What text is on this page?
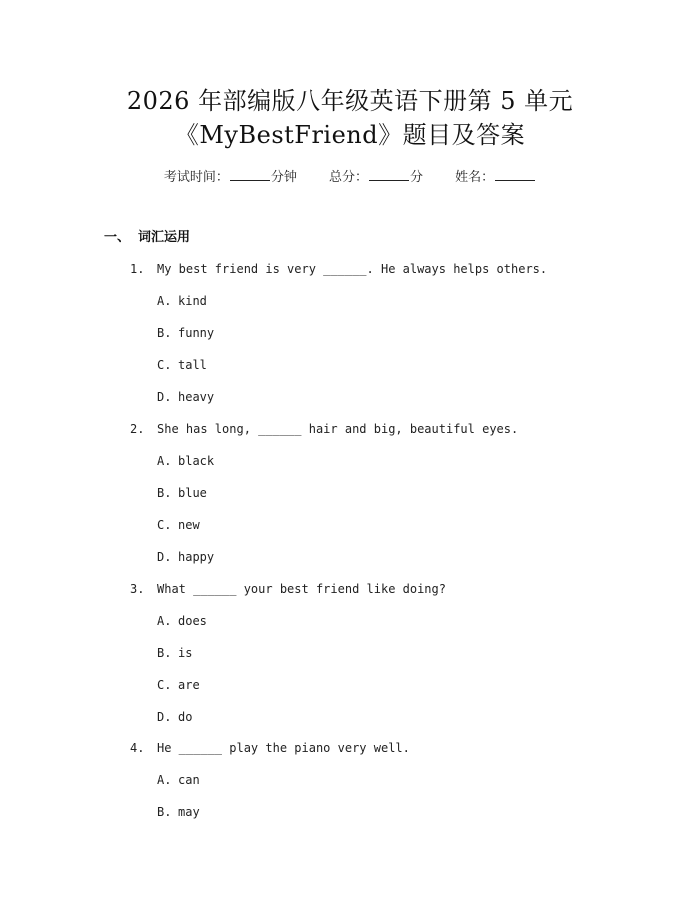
2026 年部编版八年级英语下册第 5 单元
《MyBestFriend》题目及答案
考试时间：	分钟 总分：	分 姓名：
一、 词汇运用
1.	My best friend is very ______. He always helps others.
A. kind
B. funny
C. tall
D. heavy
2.	She has long, ______ hair and big, beautiful eyes.
A. black
B. blue
C. new
D. happy
3.	What ______ your best friend like doing?
A. does
B. is
C. are
D. do
4.	He ______ play the piano very well.
A. can
B. may
